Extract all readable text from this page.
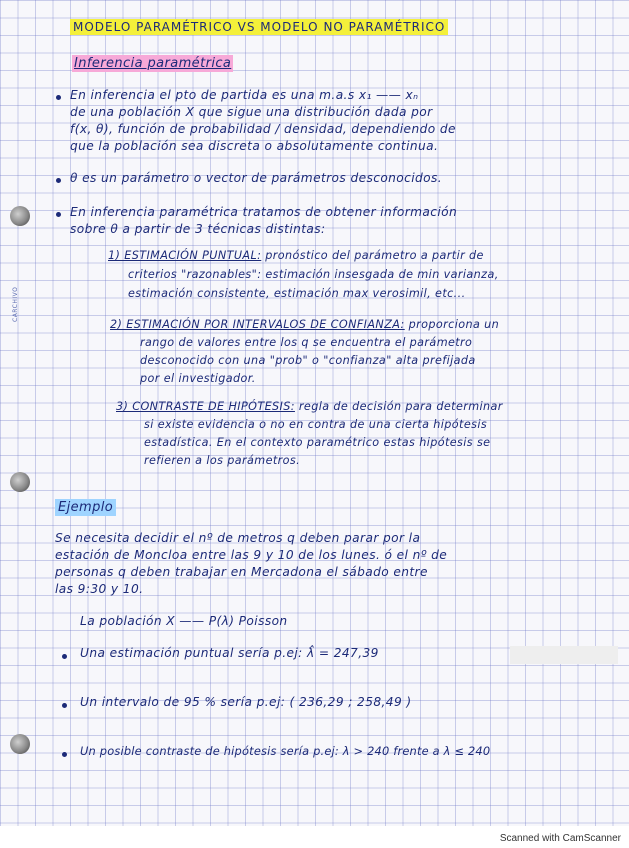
CARCHIVO
MODELO PARAMÉTRICO VS MODELO NO PARAMÉTRICO
Inferencia paramétrica
En inferencia el pto de partida es una m.a.s x₁ —— xₙ
de una población X que sigue una distribución dada por
f(x, θ), función de probabilidad / densidad, dependiendo de
que la población sea discreta o absolutamente continua.
θ es un parámetro o vector de parámetros desconocidos.
En inferencia paramétrica tratamos de obtener información
sobre θ a partir de 3 técnicas distintas:
1) ESTIMACIÓN PUNTUAL: pronóstico del parámetro a partir de
criterios "razonables": estimación insesgada de min varianza,
estimación consistente, estimación max verosimil, etc...
2) ESTIMACIÓN POR INTERVALOS DE CONFIANZA: proporciona un
rango de valores entre los q se encuentra el parámetro
desconocido con una "prob" o "confianza" alta prefijada
por el investigador.
3) CONTRASTE DE HIPÓTESIS: regla de decisión para determinar
si existe evidencia o no en contra de una cierta hipótesis
estadística. En el contexto paramétrico estas hipótesis se
refieren a los parámetros.
Ejemplo
Se necesita decidir el nº de metros q deben parar por la
estación de Moncloa entre las 9 y 10 de los lunes. ó el nº de
personas q deben trabajar en Mercadona el sábado entre
las 9:30 y 10.
La población X —— P(λ) Poisson
Una estimación puntual sería p.ej: λ̂ = 247,39
Un intervalo de 95 % sería p.ej: ( 236,29 ; 258,49 )
Un posible contraste de hipótesis sería p.ej: λ > 240 frente a λ ≤ 240
Scanned with CamScanner
